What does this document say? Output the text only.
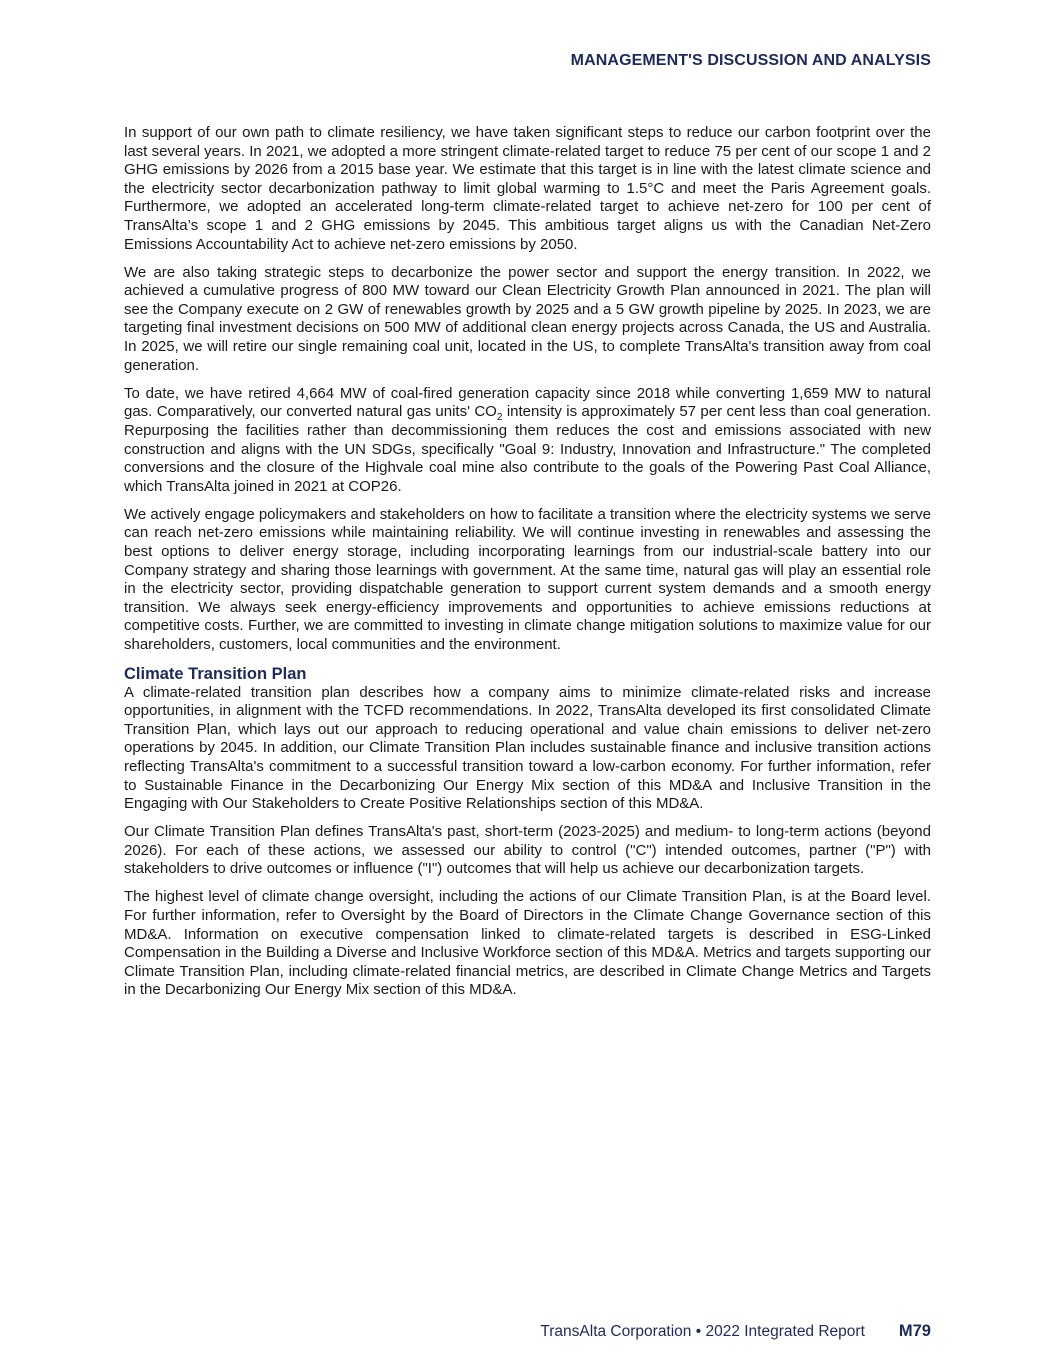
MANAGEMENT'S DISCUSSION AND ANALYSIS

In support of our own path to climate resiliency, we have taken significant steps to reduce our carbon footprint over the last several years. In 2021, we adopted a more stringent climate-related target to reduce 75 per cent of our scope 1 and 2 GHG emissions by 2026 from a 2015 base year. We estimate that this target is in line with the latest climate science and the electricity sector decarbonization pathway to limit global warming to 1.5°C and meet the Paris Agreement goals. Furthermore, we adopted an accelerated long-term climate-related target to achieve net-zero for 100 per cent of TransAlta’s scope 1 and 2 GHG emissions by 2045. This ambitious target aligns us with the Canadian Net-Zero Emissions Accountability Act to achieve net-zero emissions by 2050.

We are also taking strategic steps to decarbonize the power sector and support the energy transition. In 2022, we achieved a cumulative progress of 800 MW toward our Clean Electricity Growth Plan announced in 2021. The plan will see the Company execute on 2 GW of renewables growth by 2025 and a 5 GW growth pipeline by 2025. In 2023, we are targeting final investment decisions on 500 MW of additional clean energy projects across Canada, the US and Australia. In 2025, we will retire our single remaining coal unit, located in the US, to complete TransAlta's transition away from coal generation.

To date, we have retired 4,664 MW of coal-fired generation capacity since 2018 while converting 1,659 MW to natural gas. Comparatively, our converted natural gas units' $CO_2$ intensity is approximately 57 per cent less than coal generation. Repurposing the facilities rather than decommissioning them reduces the cost and emissions associated with new construction and aligns with the UN SDGs, specifically "Goal 9: Industry, Innovation and Infrastructure." The completed conversions and the closure of the Highvale coal mine also contribute to the goals of the Powering Past Coal Alliance, which TransAlta joined in 2021 at COP26.

We actively engage policymakers and stakeholders on how to facilitate a transition where the electricity systems we serve can reach net-zero emissions while maintaining reliability. We will continue investing in renewables and assessing the best options to deliver energy storage, including incorporating learnings from our industrial-scale battery into our Company strategy and sharing those learnings with government. At the same time, natural gas will play an essential role in the electricity sector, providing dispatchable generation to support current system demands and a smooth energy transition. We always seek energy-efficiency improvements and opportunities to achieve emissions reductions at competitive costs. Further, we are committed to investing in climate change mitigation solutions to maximize value for our shareholders, customers, local communities and the environment.

Climate Transition Plan

A climate-related transition plan describes how a company aims to minimize climate-related risks and increase opportunities, in alignment with the TCFD recommendations. In 2022, TransAlta developed its first consolidated Climate Transition Plan, which lays out our approach to reducing operational and value chain emissions to deliver net-zero operations by 2045. In addition, our Climate Transition Plan includes sustainable finance and inclusive transition actions reflecting TransAlta's commitment to a successful transition toward a low-carbon economy. For further information, refer to Sustainable Finance in the Decarbonizing Our Energy Mix section of this MD&A and Inclusive Transition in the Engaging with Our Stakeholders to Create Positive Relationships section of this MD&A.

Our Climate Transition Plan defines TransAlta's past, short-term (2023-2025) and medium- to long-term actions (beyond 2026). For each of these actions, we assessed our ability to control ("C") intended outcomes, partner ("P") with stakeholders to drive outcomes or influence ("I") outcomes that will help us achieve our decarbonization targets.

The highest level of climate change oversight, including the actions of our Climate Transition Plan, is at the Board level. For further information, refer to Oversight by the Board of Directors in the Climate Change Governance section of this MD&A. Information on executive compensation linked to climate-related targets is described in ESG-Linked Compensation in the Building a Diverse and Inclusive Workforce section of this MD&A. Metrics and targets supporting our Climate Transition Plan, including climate-related financial metrics, are described in Climate Change Metrics and Targets in the Decarbonizing Our Energy Mix section of this MD&A.

TransAlta Corporation • 2022 Integrated Report M79
